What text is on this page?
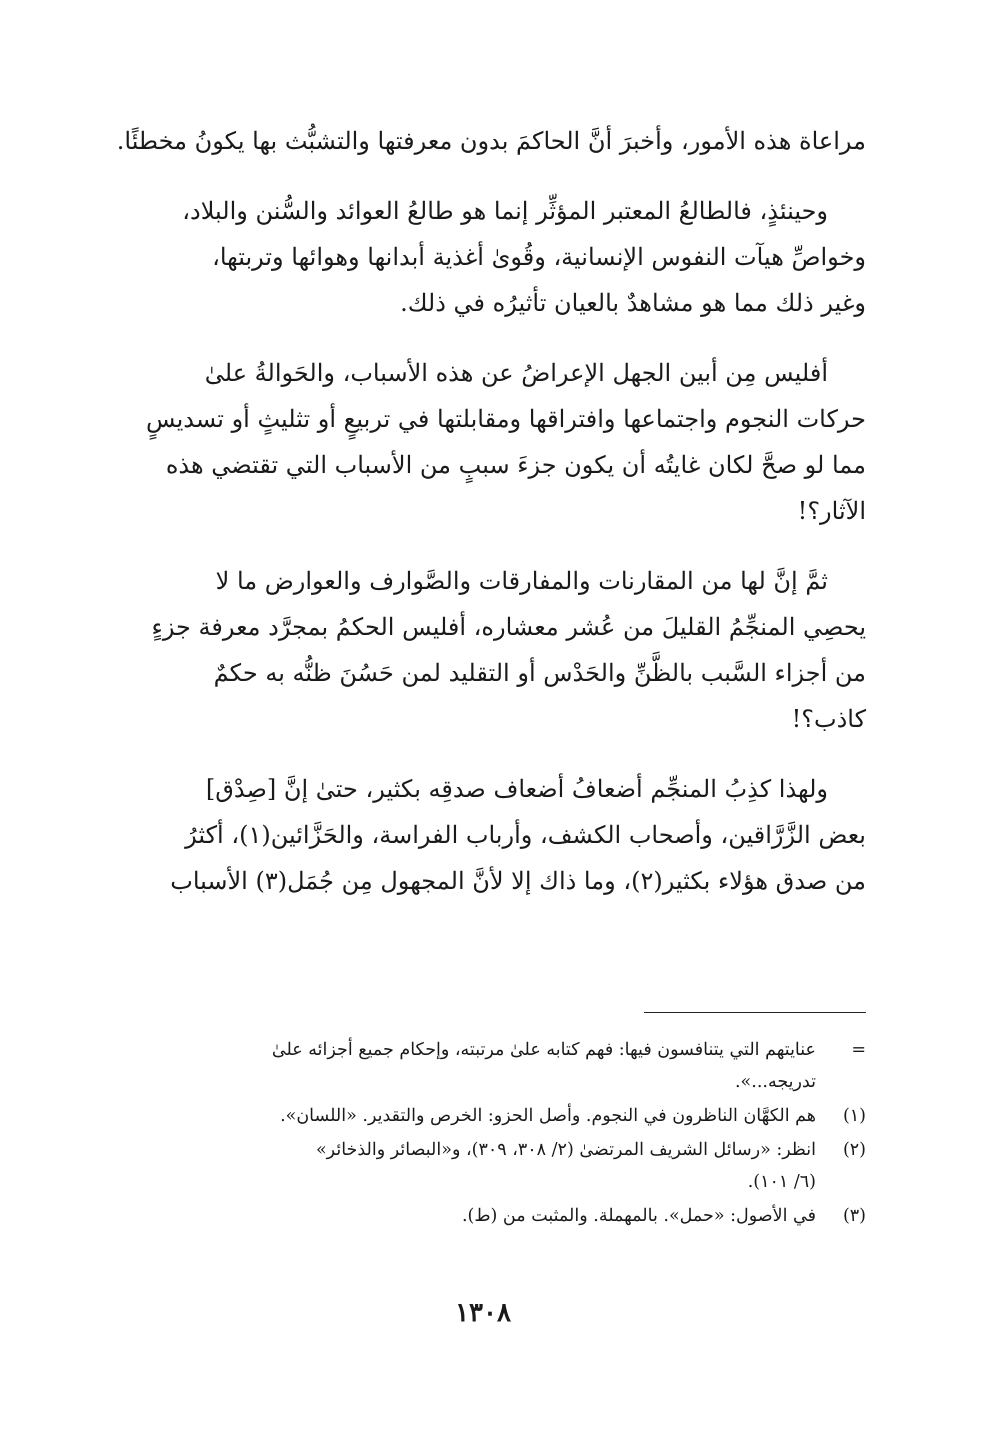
مراعاة هذه الأمور، وأخبرَ أنَّ الحاكمَ بدون معرفتها والتشبُّث بها يكونُ مخطئًا.
وحينئذٍ، فالطالعُ المعتبر المؤثِّر إنما هو طالعُ العوائد والسُّنن والبلاد،
وخواصِّ هيآت النفوس الإنسانية، وقُوىٰ أغذية أبدانها وهوائها وتربتها،
وغير ذلك مما هو مشاهدٌ بالعيان تأثيرُه في ذلك.
أفليس مِن أبين الجهل الإعراضُ عن هذه الأسباب، والحَوالةُ علىٰ
حركات النجوم واجتماعها وافتراقها ومقابلتها في تربيعٍ أو تثليثٍ أو تسديسٍ
مما لو صحَّ لكان غايتُه أن يكون جزءَ سببٍ من الأسباب التي تقتضي هذه
الآثار؟!
ثمَّ إنَّ لها من المقارنات والمفارقات والصَّوارف والعوارض ما لا
يحصِي المنجِّمُ القليلَ من عُشر معشاره، أفليس الحكمُ بمجرَّد معرفة جزءٍ
من أجزاء السَّبب بالظَّنِّ والحَدْس أو التقليد لمن حَسُنَ ظنُّه به حكمٌ
كاذب؟!
ولهذا كذِبُ المنجِّم أضعافُ أضعاف صدقِه بكثير، حتىٰ إنَّ [صِدْق]
بعض الزَّرَّاقين، وأصحاب الكشف، وأرباب الفراسة، والحَزَّائين(١)، أكثرُ
من صدق هؤلاء بكثير(٢)، وما ذاك إلا لأنَّ المجهول مِن جُمَل(٣) الأسباب
=
عنايتهم التي يتنافسون فيها: فهم كتابه علىٰ مرتبته، وإحكام جميع أجزائه علىٰ
تدريجه...».
(١)
هم الكهَّان الناظرون في النجوم. وأصل الحزو: الخرص والتقدير. «اللسان».
(٢)
انظر: «رسائل الشريف المرتضىٰ (٢/ ٣٠٨، ٣٠٩)، و«البصائر والذخائر»
(٦/ ١٠١).
(٣)
في الأصول: «حمل». بالمهملة. والمثبت من (ط).
١٣٠٨
